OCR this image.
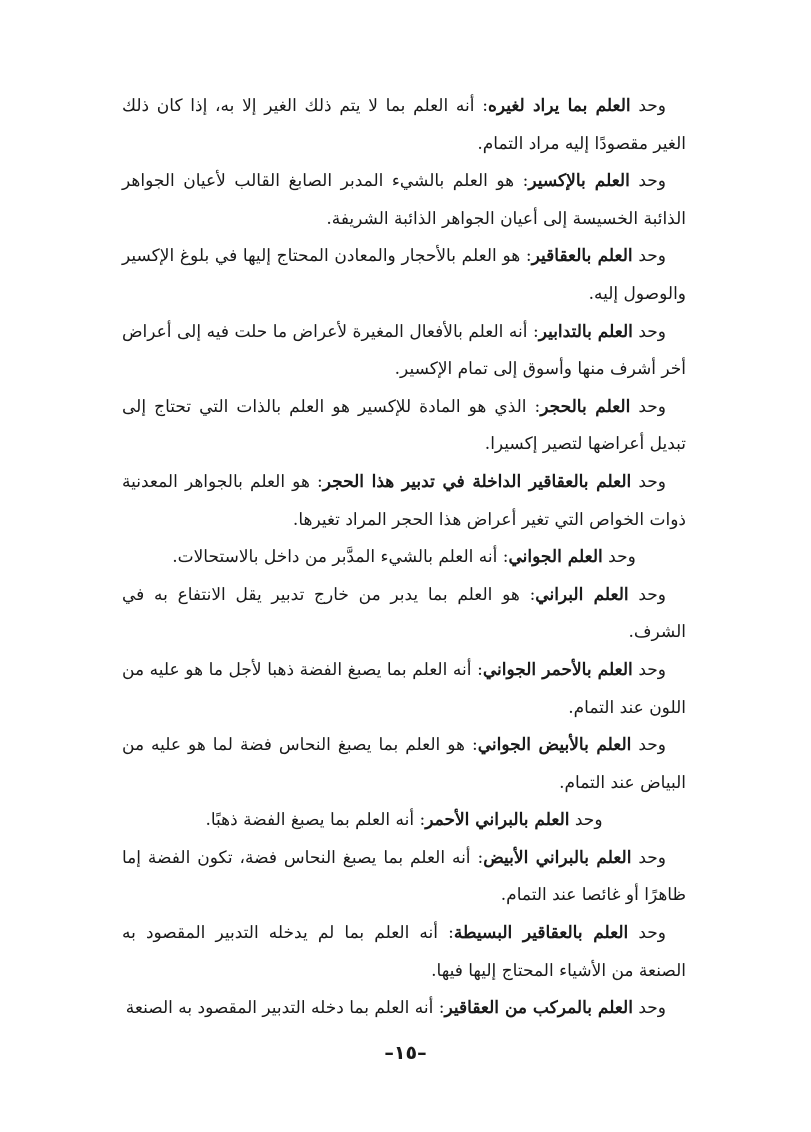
وحد العلم بما يراد لغيره: أنه العلم بما لا يتم ذلك الغير إلا به، إذا كان ذلك الغير مقصودًا إليه مراد التمام.

وحد العلم بالإكسير: هو العلم بالشيء المدبر الصابغ القالب لأعيان الجواهر الذائبة الخسيسة إلى أعيان الجواهر الذائبة الشريفة.

وحد العلم بالعقاقير: هو العلم بالأحجار والمعادن المحتاج إليها في بلوغ الإكسير والوصول إليه.

وحد العلم بالتدابير: أنه العلم بالأفعال المغيرة لأعراض ما حلت فيه إلى أعراض أخر أشرف منها وأسوق إلى تمام الإكسير.

وحد العلم بالحجر: الذي هو المادة للإكسير هو العلم بالذات التي تحتاج إلى تبديل أعراضها لتصير إكسيرا.

وحد العلم بالعقاقير الداخلة في تدبير هذا الحجر: هو العلم بالجواهر المعدنية ذوات الخواص التي تغير أعراض هذا الحجر المراد تغيرها.

وحد العلم الجواني: أنه العلم بالشيء المدَّبر من داخل بالاستحالات.

وحد العلم البراني: هو العلم بما يدبر من خارج تدبير يقل الانتفاع به في الشرف.

وحد العلم بالأحمر الجواني: أنه العلم بما يصبغ الفضة ذهبا لأجل ما هو عليه من اللون عند التمام.

وحد العلم بالأبيض الجواني: هو العلم بما يصبغ النحاس فضة لما هو عليه من البياض عند التمام.

وحد العلم بالبراني الأحمر: أنه العلم بما يصبغ الفضة ذهبًا.

وحد العلم بالبراني الأبيض: أنه العلم بما يصبغ النحاس فضة، تكون الفضة إما ظاهرًا أو غائصا عند التمام.

وحد العلم بالعقاقير البسيطة: أنه العلم بما لم يدخله التدبير المقصود به الصنعة من الأشياء المحتاج إليها فيها.

وحد العلم بالمركب من العقاقير: أنه العلم بما دخله التدبير المقصود به الصنعة

–١٥–
